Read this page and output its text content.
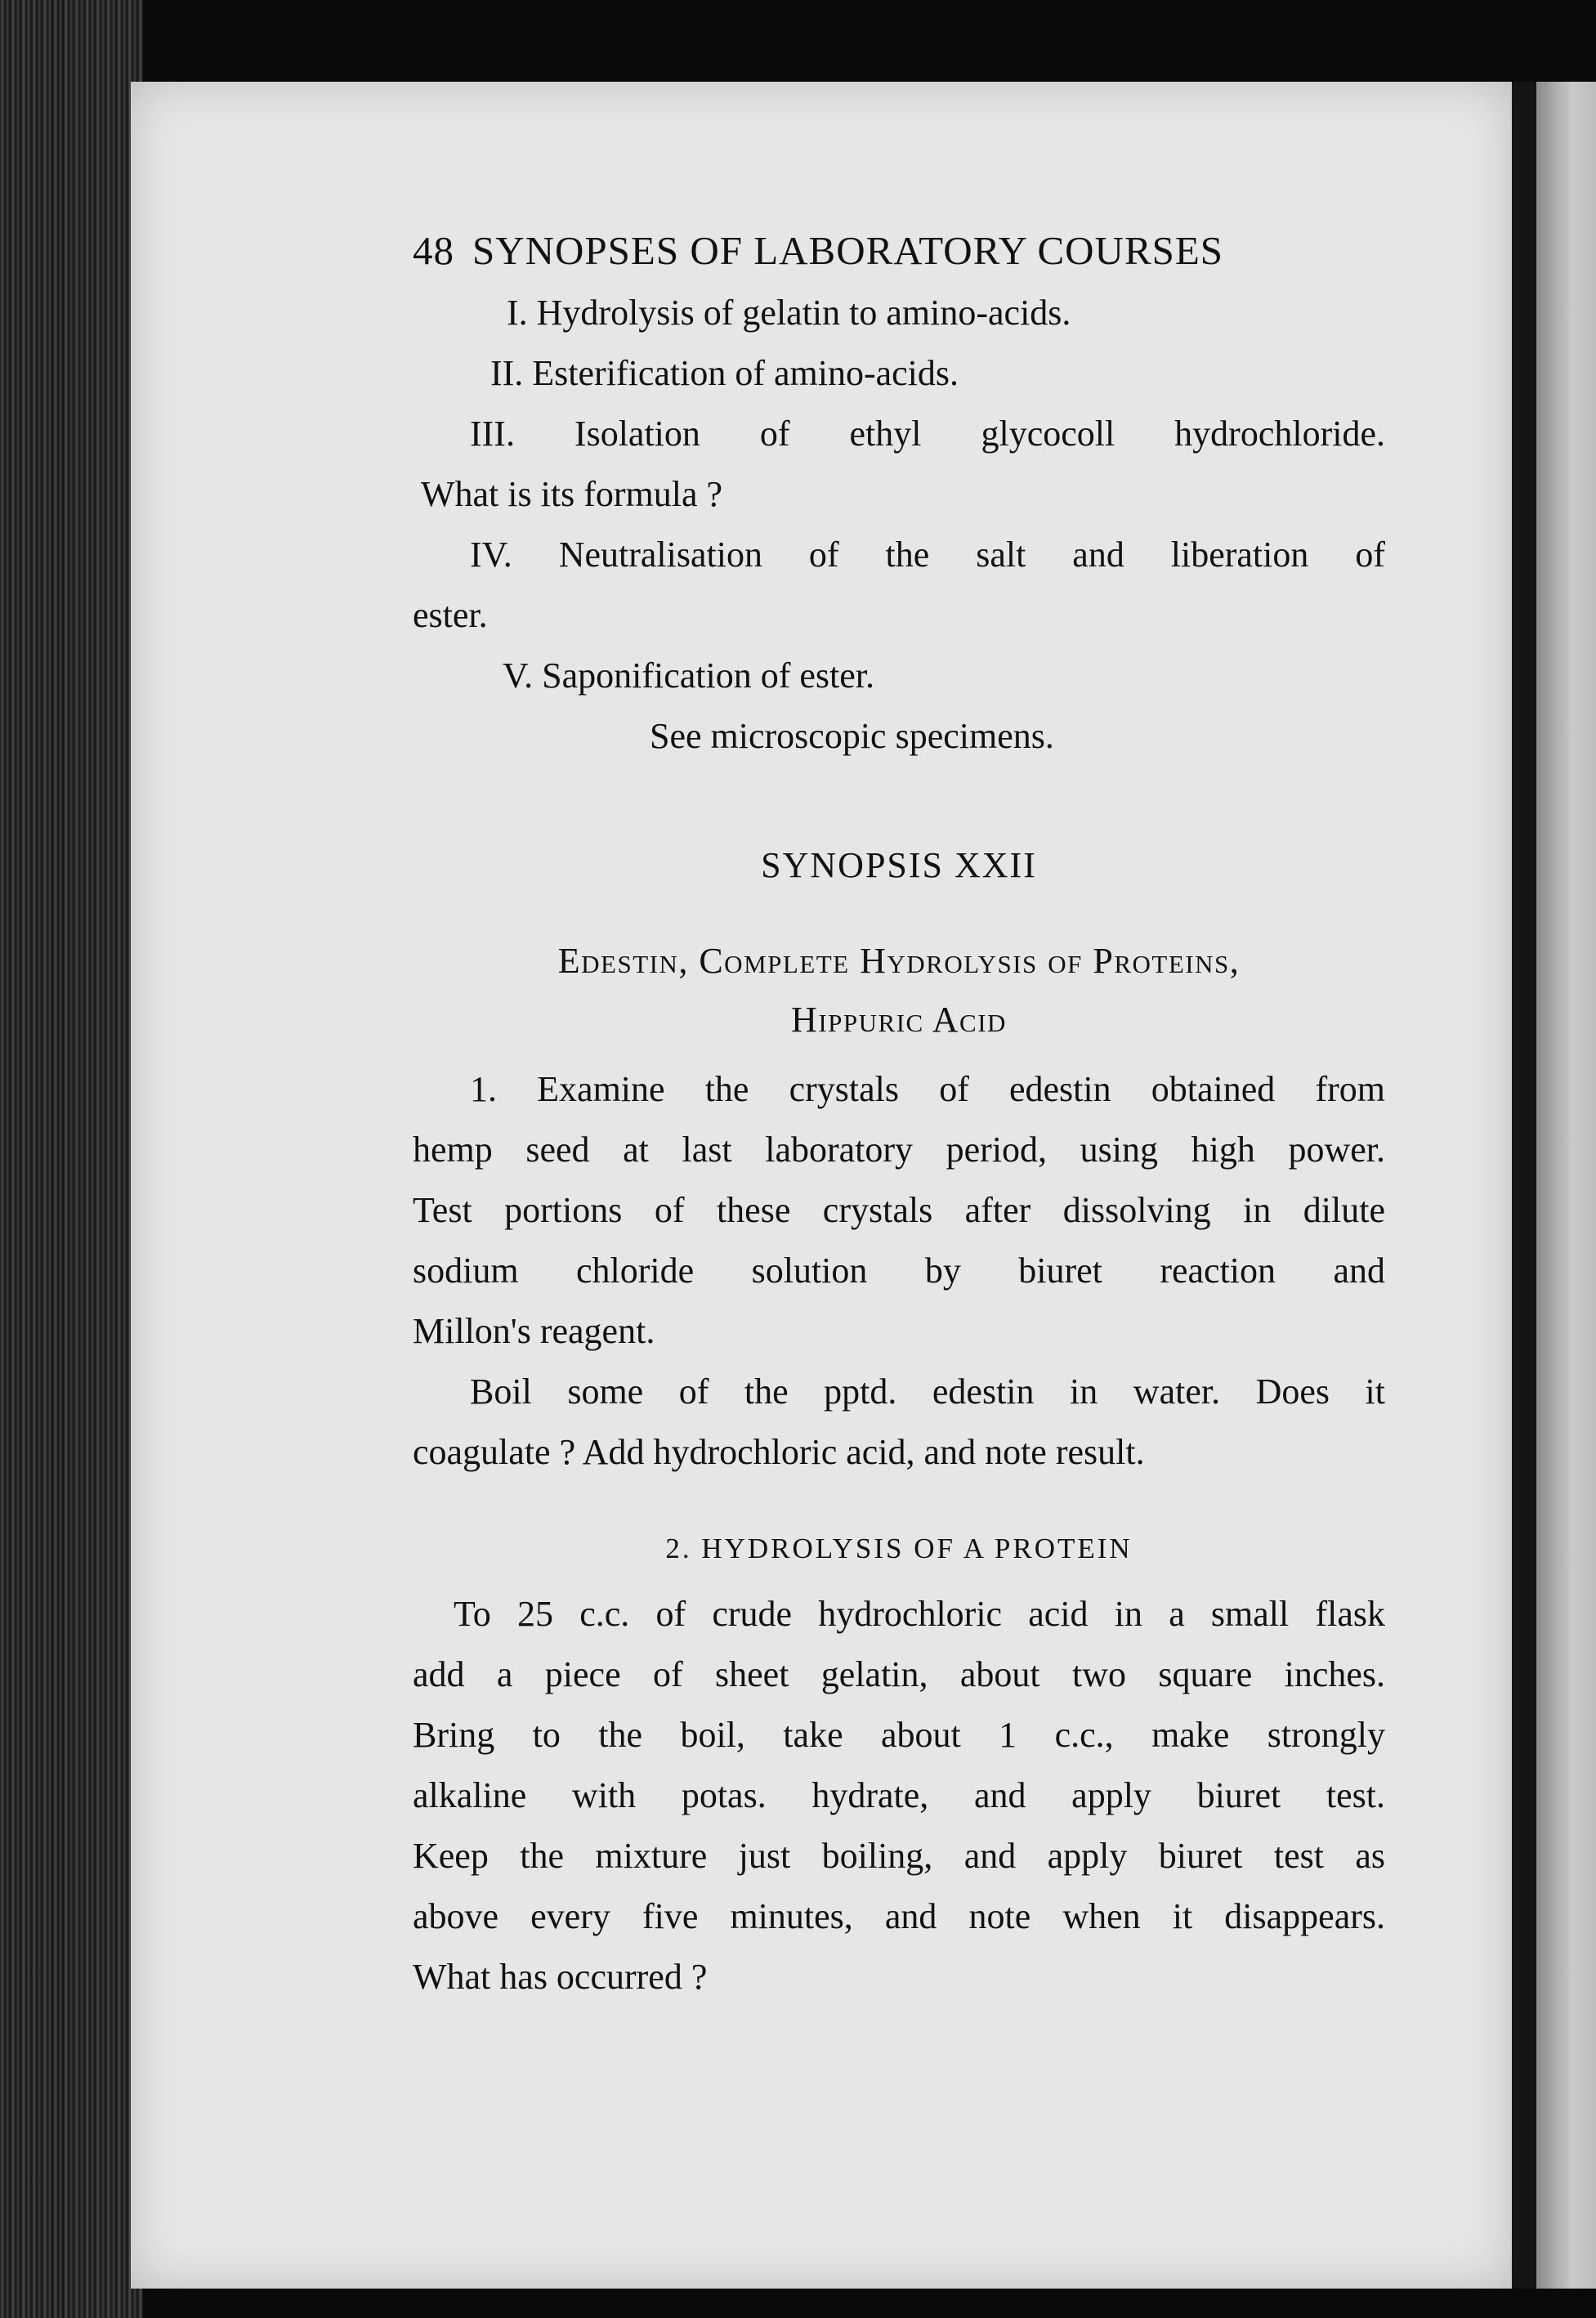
48 SYNOPSES OF LABORATORY COURSES

I. Hydrolysis of gelatin to amino-acids.

II. Esterification of amino-acids.

III. Isolation of ethyl glycocoll hydrochloride.

What is its formula ?

IV. Neutralisation of the salt and liberation of

ester.

V. Saponification of ester.

See microscopic specimens.

SYNOPSIS XXII

Edestin, Complete Hydrolysis of Proteins,
Hippuric Acid

1. Examine the crystals of edestin obtained from

hemp seed at last laboratory period, using high power.

Test portions of these crystals after dissolving in dilute

sodium chloride solution by biuret reaction and

Millon's reagent.

Boil some of the pptd. edestin in water. Does it

coagulate ? Add hydrochloric acid, and note result.

2. HYDROLYSIS OF A PROTEIN

To 25 c.c. of crude hydrochloric acid in a small flask

add a piece of sheet gelatin, about two square inches.

Bring to the boil, take about 1 c.c., make strongly

alkaline with potas. hydrate, and apply biuret test.

Keep the mixture just boiling, and apply biuret test as

above every five minutes, and note when it disappears.

What has occurred ?
